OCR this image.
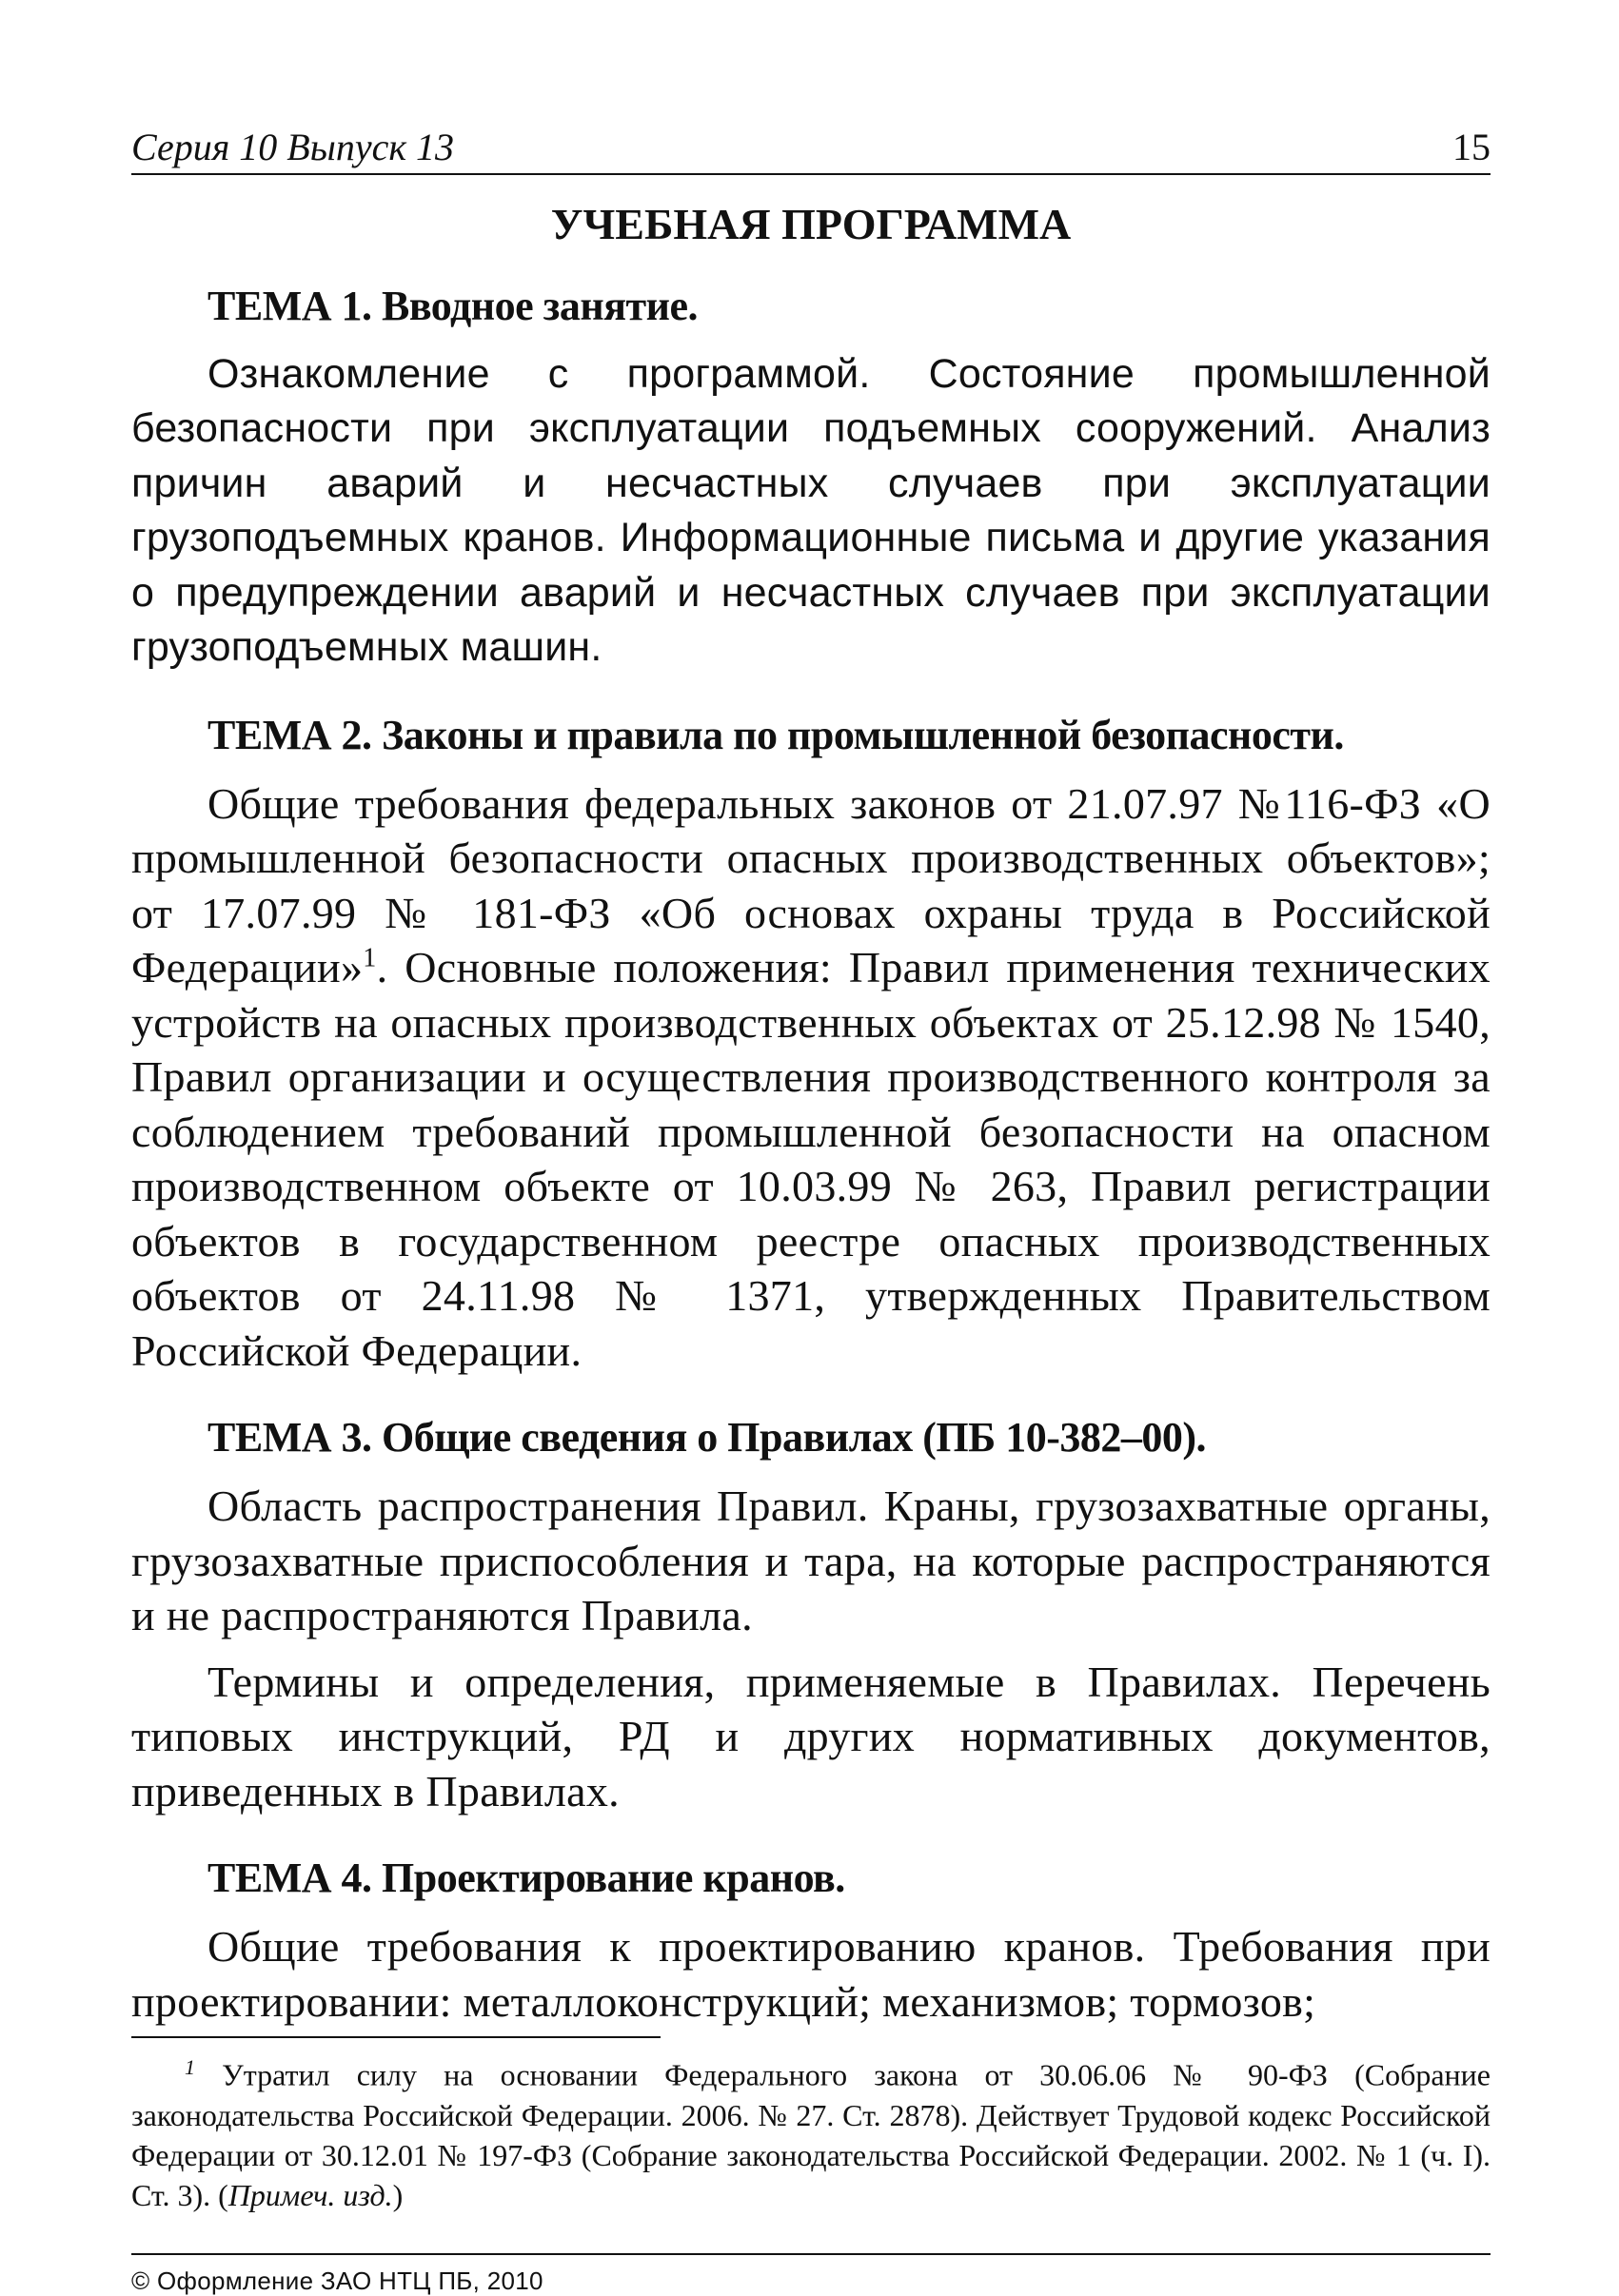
Серия 10 Выпуск 13	15
УЧЕБНАЯ ПРОГРАММА
ТЕМА 1. Вводное занятие.

Ознакомление с программой. Состояние промышленной безопасности при эксплуатации подъемных сооружений. Анализ причин аварий и несчастных случаев при эксплуатации грузоподъемных кранов. Информационные письма и другие указания о предупреждении аварий и несчастных случаев при эксплуатации грузоподъемных машин.

ТЕМА 2. Законы и правила по промышленной безопасности.

Общие требования федеральных законов от 21.07.97 №116-ФЗ «О промышленной безопасности опасных производственных объектов»; от 17.07.99 № 181-ФЗ «Об основах охраны труда в Российской Федерации»$^1$. Основные положения: Правил применения технических устройств на опасных производственных объектах от 25.12.98 № 1540, Правил организации и осуществления производственного контроля за соблюдением требований промышленной безопасности на опасном производственном объекте от 10.03.99 № 263, Правил регистрации объектов в государственном реестре опасных производственных объектов от 24.11.98 № 1371, утвержденных Правительством Российской Федерации.

ТЕМА 3. Общие сведения о Правилах (ПБ 10-382–00).

Область распространения Правил. Краны, грузозахватные органы, грузозахватные приспособления и тара, на которые распространяются и не распространяются Правила.

Термины и определения, применяемые в Правилах. Перечень типовых инструкций, РД и других нормативных документов, приведенных в Правилах.

ТЕМА 4. Проектирование кранов.

Общие требования к проектированию кранов. Требования при проектировании: металлоконструкций; механизмов; тормозов;

$^1$ Утратил силу на основании Федерального закона от 30.06.06 № 90-ФЗ (Собрание законодательства Российской Федерации. 2006. № 27. Ст. 2878). Действует Трудовой кодекс Российской Федерации от 30.12.01 № 197-ФЗ (Собрание законодательства Российской Федерации. 2002. № 1 (ч. I). Ст. 3). (Примеч. изд.)

© Оформление ЗАО НТЦ ПБ, 2010
